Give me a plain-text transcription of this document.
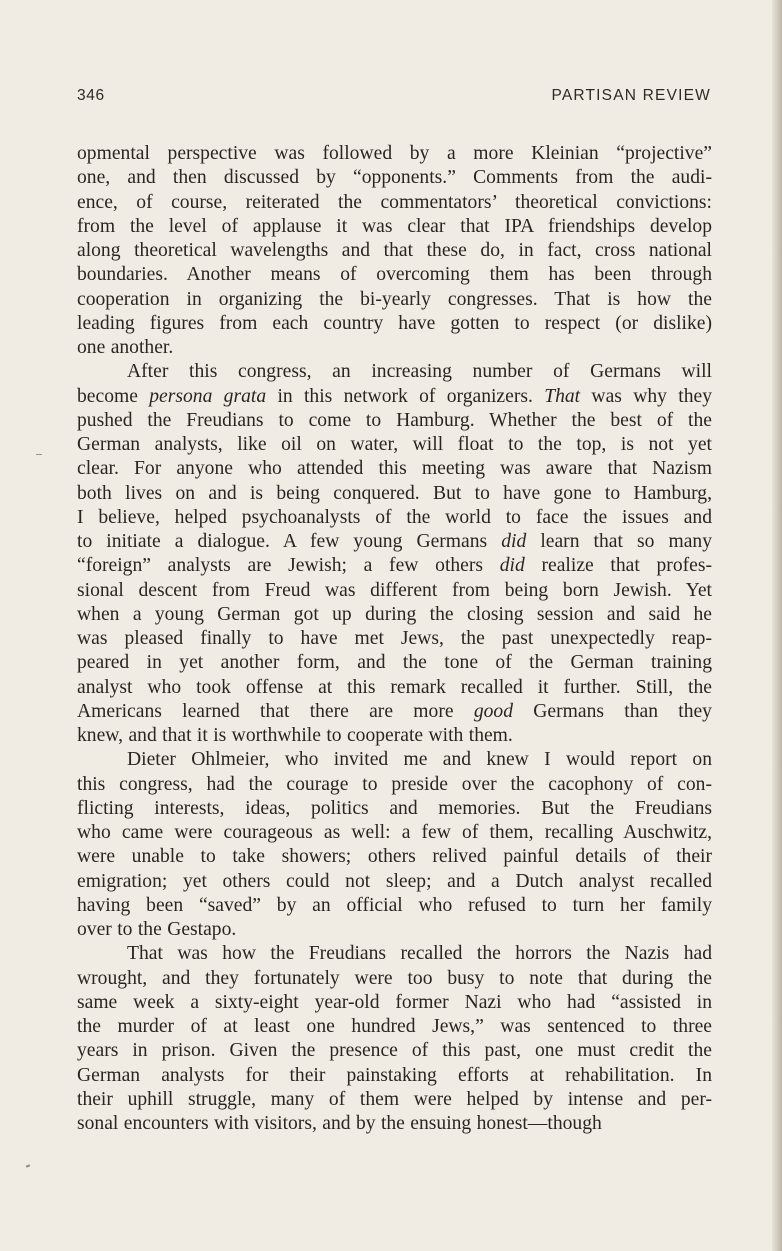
346	PARTISAN REVIEW
opmental perspective was followed by a more Kleinian “projective”
one, and then discussed by “opponents.” Comments from the audi-
ence, of course, reiterated the commentators’ theoretical convictions:
from the level of applause it was clear that IPA friendships develop
along theoretical wavelengths and that these do, in fact, cross national
boundaries. Another means of overcoming them has been through
cooperation in organizing the bi-yearly congresses. That is how the
leading figures from each country have gotten to respect (or dislike)
one another.
After this congress, an increasing number of Germans will
become persona grata in this network of organizers. That was why they
pushed the Freudians to come to Hamburg. Whether the best of the
German analysts, like oil on water, will float to the top, is not yet
clear. For anyone who attended this meeting was aware that Nazism
both lives on and is being conquered. But to have gone to Hamburg,
I believe, helped psychoanalysts of the world to face the issues and
to initiate a dialogue. A few young Germans did learn that so many
“foreign” analysts are Jewish; a few others did realize that profes-
sional descent from Freud was different from being born Jewish. Yet
when a young German got up during the closing session and said he
was pleased finally to have met Jews, the past unexpectedly reap-
peared in yet another form, and the tone of the German training
analyst who took offense at this remark recalled it further. Still, the
Americans learned that there are more good Germans than they
knew, and that it is worthwhile to cooperate with them.
Dieter Ohlmeier, who invited me and knew I would report on
this congress, had the courage to preside over the cacophony of con-
flicting interests, ideas, politics and memories. But the Freudians
who came were courageous as well: a few of them, recalling Auschwitz,
were unable to take showers; others relived painful details of their
emigration; yet others could not sleep; and a Dutch analyst recalled
having been “saved” by an official who refused to turn her family
over to the Gestapo.
That was how the Freudians recalled the horrors the Nazis had
wrought, and they fortunately were too busy to note that during the
same week a sixty-eight year-old former Nazi who had “assisted in
the murder of at least one hundred Jews,” was sentenced to three
years in prison. Given the presence of this past, one must credit the
German analysts for their painstaking efforts at rehabilitation. In
their uphill struggle, many of them were helped by intense and per-
sonal encounters with visitors, and by the ensuing honest—though
